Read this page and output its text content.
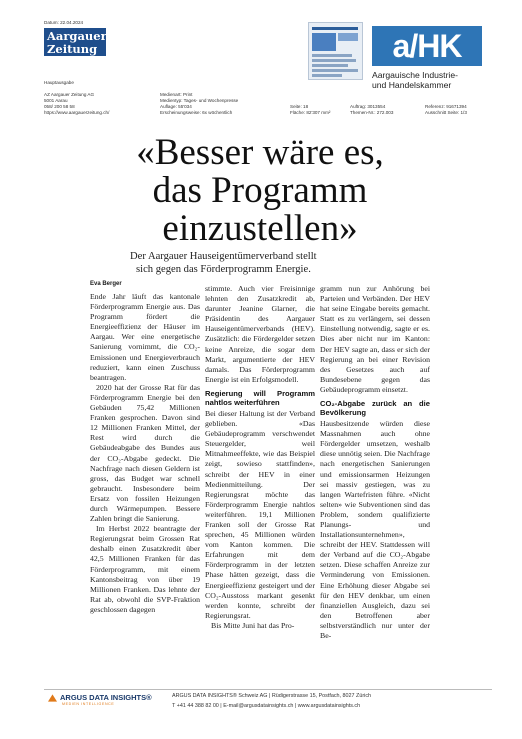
Datum: 22.04.2024
Aargauer
Zeitung
Hauptausgabe
AZ Aargauer Zeitung AG
5001 Aarau
058/ 200 58 58
https://www.aargauerzeitung.ch/
Medienart: Print
Medientyp: Tages- und Wochenpresse
Auflage: 55'034
Erscheinungsweise: 6x wöchentlich
Seite: 18
Fläche: 82'307 mm²
Auftrag: 3013554
Themen-Nr.: 272.003
Referenz: 91671394
Ausschnitt Seite: 1/3
a/HK
Aargauische Industrie-
und Handelskammer
«Besser wäre es,
das Programm
einzustellen»
Der Aargauer Hauseigentümerverband stellt
sich gegen das Förderprogramm Energie.
Eva Berger

Ende Jahr läuft das kantonale Förderprogramm Energie aus. Das Programm fördert die Energieeffizienz der Häuser im Aargau. Wer eine energetische Sanierung vornimmt, die CO₂-Emissionen und Energieverbrauch reduziert, kann einen Zuschuss beantragen.

2020 hat der Grosse Rat für das Förderprogramm Energie bei den Gebäuden 75,42 Millionen Franken gesprochen. Davon sind 12 Millionen Franken Mittel, der Rest wird durch die Gebäudeabgabe des Bundes aus der CO₂-Abgabe gedeckt. Die Nachfrage nach diesen Geldern ist gross, das Budget war schnell gebraucht. Insbesondere beim Ersatz von fossilen Heizungen durch Wärmepumpen. Bessere Zahlen bringt die Sanierung.

Im Herbst 2022 beantragte der Regierungsrat beim Grossen Rat deshalb einen Zusatzkredit über 42,5 Millionen Franken für das Förderprogramm, mit einem Kantonsbeitrag von über 19 Millionen Franken. Das lehnte der Rat ab, obwohl die SVP-Fraktion geschlossen dagegen

stimmte. Auch vier Freisinnige lehnten den Zusatzkredit ab, darunter Jeanine Glarner, die Präsidentin des Aargauer Hauseigentümerverbands (HEV). Zusätzlich: die Fördergelder setzen keine Anreize, die sogar dem Markt, argumentierte der HEV damals. Das Förderprogramm Energie ist ein Erfolgsmodell.

Regierung will Programm nahtlos weiterführen

Bei dieser Haltung ist der Verband geblieben. «Das Gebäudeprogramm verschwendet Steuergelder, weil Mitnahmeeffekte, wie das Beispiel zeigt, sowieso stattfinden», schreibt der HEV in einer Medienmitteilung. Der Regierungsrat möchte das Förderprogramm Energie nahtlos weiterführen. 19,1 Millionen Franken soll der Grosse Rat sprechen, 45 Millionen würden vom Kanton kommen. Die Erfahrungen mit dem Förderprogramm in der letzten Phase hätten gezeigt, dass die Energieeffizienz gesteigert und der CO₂-Ausstoss markant gesenkt werden konnte, schreibt der Regierungsrat.

Bis Mitte Juni hat das Pro-

gramm nun zur Anhörung bei Parteien und Verbänden. Der HEV hat seine Eingabe bereits gemacht. Statt es zu verlängern, sei dessen Einstellung notwendig, sagte er es. Dies aber nicht nur im Kanton: Der HEV sagte an, dass er sich der Regierung an bei einer Revision des Gesetzes auch auf Bundesebene gegen das Gebäudeprogramm einsetzt.

CO₂-Abgabe zurück an die Bevölkerung

Hausbesitzende würden diese Massnahmen auch ohne Fördergelder umsetzen, weshalb diese unnötig seien. Die Nachfrage nach energetischen Sanierungen und emissionsarmen Heizungen sei massiv gestiegen, was zu langen Wartefristen führe. «Nicht selten» wie Subventionen sind das Problem, sondern qualifizierte Planungs- und Installationsunternehmen», schreibt der HEV. Stattdessen will der Verband auf die CO₂-Abgabe setzen. Diese schaffen Anreize zur Verminderung von Emissionen. Eine Erhöhung dieser Abgabe sei für den HEV denkbar, um einen finanziellen Ausgleich, dazu sei den Betroffenen aber selbstverständlich nur unter der Be-

ARGUS DATA INSIGHTS®
MEDIEN INTELLIGENCE
ARGUS DATA INSIGHTS® Schweiz AG | Rüdigerstrasse 15, Postfach, 8027 Zürich
T +41 44 388 82 00 | E-mail@argusdatainsights.ch | www.argusdatainsights.ch
